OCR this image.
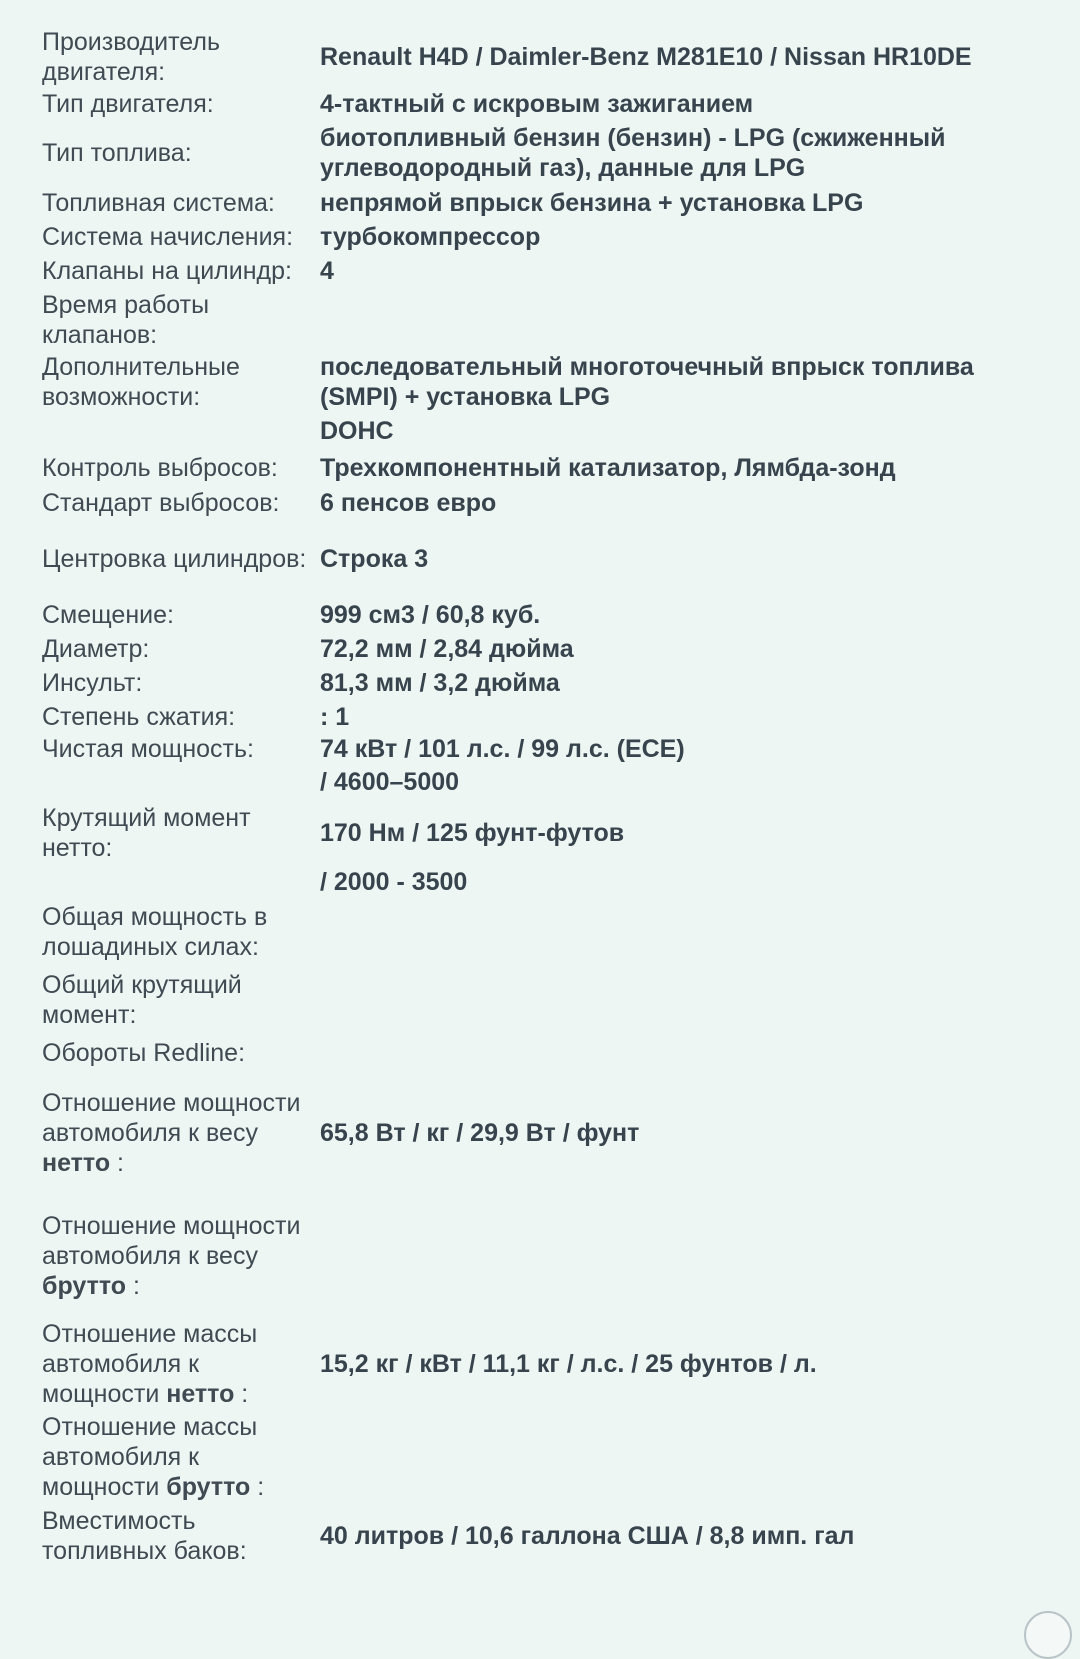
Производитель двигателя:	Renault H4D / Daimler-Benz M281E10 / Nissan HR10DE
Тип двигателя:	4-тактный с искровым зажиганием
Тип топлива:	биотопливный бензин (бензин) - LPG (сжиженный углеводородный газ), данные для LPG
Топливная система:	непрямой впрыск бензина + установка LPG
Система начисления:	турбокомпрессор
Клапаны на цилиндр:	4
Время работы клапанов:	
Дополнительные возможности:	последовательный многоточечный впрыск топлива (SMPI) + установка LPG
DOHC

Контроль выбросов:	Трехкомпонентный катализатор, Лямбда-зонд
Стандарт выбросов:	6 пенсов евро
Центровка цилиндров:	Строка 3
Смещение:	999 см3 / 60,8 куб.
Диаметр:	72,2 мм / 2,84 дюйма
Инсульт:	81,3 мм / 3,2 дюйма
Степень сжатия:	: 1
Чистая мощность:	74 кВт / 101 л.с. / 99 л.с. (ECE)
/ 4600–5000

Крутящий момент нетто:	170 Нм / 125 фунт-футов
	/ 2000 - 3500
Общая мощность в лошадиных силах:	
Общий крутящий момент:	
Обороты Redline:	
Отношение мощности автомобиля к весу нетто :	65,8 Вт / кг / 29,9 Вт / фунт
Отношение мощности автомобиля к весу брутто :	
Отношение массы автомобиля к мощности нетто :	15,2 кг / кВт / 11,1 кг / л.с. / 25 фунтов / л.
Отношение массы автомобиля к мощности брутто :	
Вместимость топливных баков:	40 литров / 10,6 галлона США / 8,8 имп. гал
